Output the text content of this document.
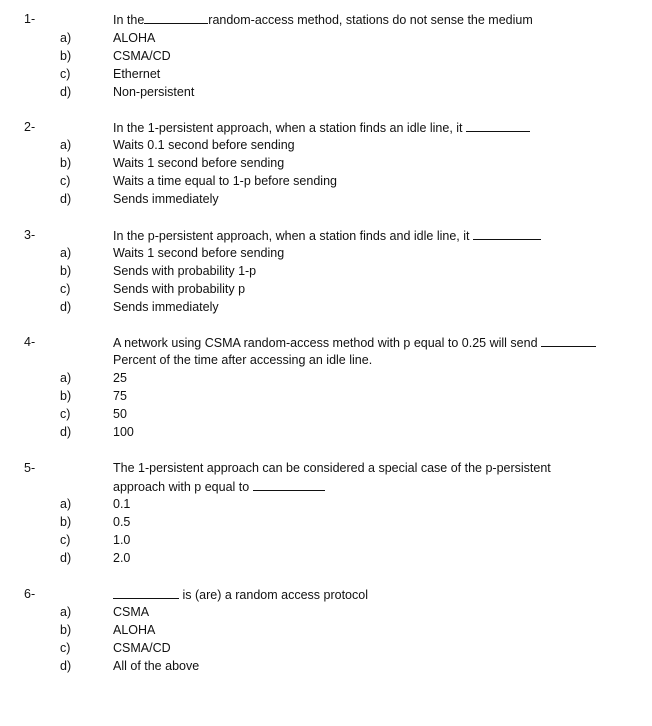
1-	In the	random-access method, stations do not sense the medium
a)	ALOHA
b)	CSMA/CD
c)	Ethernet
d)	Non-persistent
2-	In the 1-persistent approach, when a station finds an idle line, it
a)	Waits 0.1 second before sending
b)	Waits 1 second before sending
c)	Waits a time equal to 1-p before sending
d)	Sends immediately
3-	In the p-persistent approach, when a station finds and idle line, it
a)	Waits 1 second before sending
b)	Sends with probability 1-p
c)	Sends with probability p
d)	Sends immediately
4-	A network using CSMA random-access method with p equal to 0.25 will send
Percent of the time after accessing an idle line.
a)	25
b)	75
c)	50
d)	100
5-	The 1-persistent approach can be considered a special case of the p-persistent
approach with p equal to
a)	0.1
b)	0.5
c)	1.0
d)	2.0
6-	is (are) a random access protocol
a)	CSMA
b)	ALOHA
c)	CSMA/CD
d)	All of the above
